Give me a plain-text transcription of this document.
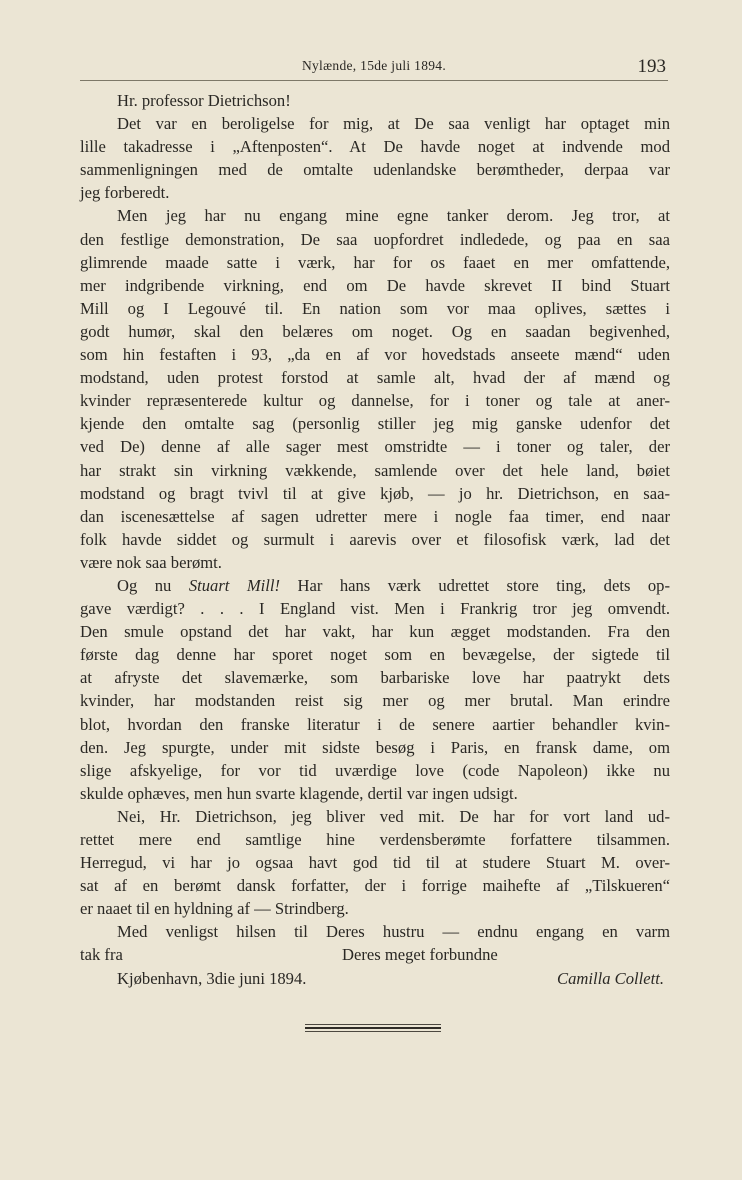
Nylænde, 15de juli 1894.	193
Hr. professor Dietrichson!
Det var en beroligelse for mig, at De saa venligt har optaget min
lille takadresse i „Aftenposten“. At De havde noget at indvende mod
sammenligningen med de omtalte udenlandske berømtheder, derpaa var
jeg forberedt.
Men jeg har nu engang mine egne tanker derom. Jeg tror, at
den festlige demonstration, De saa uopfordret indledede, og paa en saa
glimrende maade satte i værk, har for os faaet en mer omfattende,
mer indgribende virkning, end om De havde skrevet II bind Stuart
Mill og I Legouvé til. En nation som vor maa oplives, sættes i
godt humør, skal den belæres om noget. Og en saadan begivenhed,
som hin festaften i 93, „da en af vor hovedstads anseete mænd“ uden
modstand, uden protest forstod at samle alt, hvad der af mænd og
kvinder repræsenterede kultur og dannelse, for i toner og tale at aner-
kjende den omtalte sag (personlig stiller jeg mig ganske udenfor det
ved De) denne af alle sager mest omstridte — i toner og taler, der
har strakt sin virkning vækkende, samlende over det hele land, bøiet
modstand og bragt tvivl til at give kjøb, — jo hr. Dietrichson, en saa-
dan iscenesættelse af sagen udretter mere i nogle faa timer, end naar
folk havde siddet og surmult i aarevis over et filosofisk værk, lad det
være nok saa berømt.
Og nu Stuart Mill! Har hans værk udrettet store ting, dets op-
gave værdigt? . . . I England vist. Men i Frankrig tror jeg omvendt.
Den smule opstand det har vakt, har kun ægget modstanden. Fra den
første dag denne har sporet noget som en bevægelse, der sigtede til
at afryste det slavemærke, som barbariske love har paatrykt dets
kvinder, har modstanden reist sig mer og mer brutal. Man erindre
blot, hvordan den franske literatur i de senere aartier behandler kvin-
den. Jeg spurgte, under mit sidste besøg i Paris, en fransk dame, om
slige afskyelige, for vor tid uværdige love (code Napoleon) ikke nu
skulde ophæves, men hun svarte klagende, dertil var ingen udsigt.
Nei, Hr. Dietrichson, jeg bliver ved mit. De har for vort land ud-
rettet mere end samtlige hine verdensberømte forfattere tilsammen.
Herregud, vi har jo ogsaa havt god tid til at studere Stuart M. over-
sat af en berømt dansk forfatter, der i forrige maihefte af „Tilskueren“
er naaet til en hyldning af — Strindberg.
Med venligst hilsen til Deres hustru — endnu engang en varm
tak fra	Deres meget forbundne
Kjøbenhavn, 3die juni 1894.	Camilla Collett.
